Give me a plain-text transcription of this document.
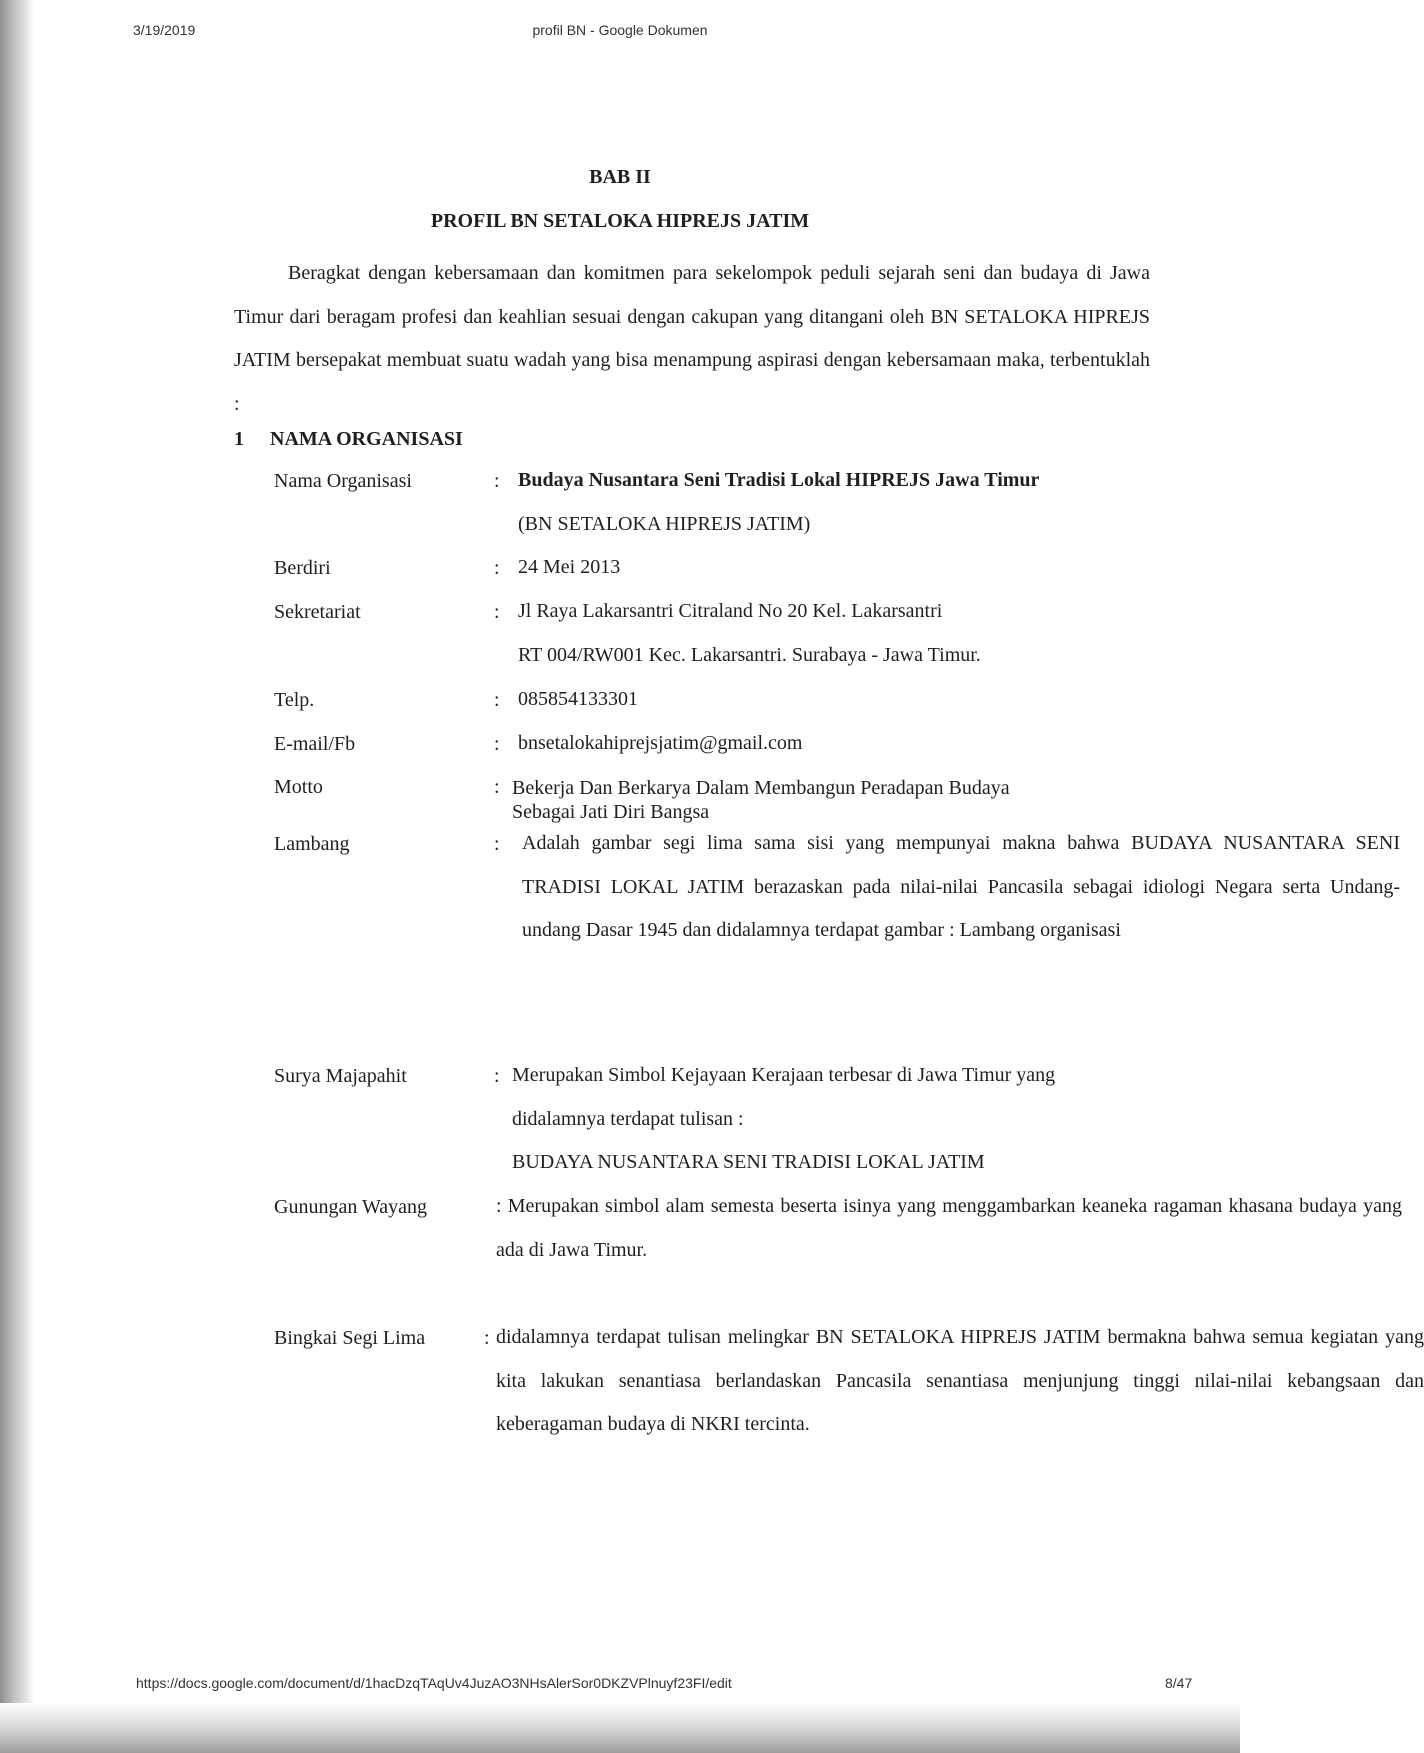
3/19/2019	profil BN - Google Dokumen
BAB II
PROFIL BN SETALOKA HIPREJS JATIM
Beragkat dengan kebersamaan dan komitmen para sekelompok peduli sejarah seni dan budaya di Jawa Timur dari beragam profesi dan keahlian sesuai dengan cakupan yang ditangani oleh BN SETALOKA HIPREJS JATIM bersepakat membuat suatu wadah yang bisa menampung aspirasi dengan kebersamaan maka, terbentuklah :
1 NAMA ORGANISASI
Nama Organisasi	: Budaya Nusantara Seni Tradisi Lokal HIPREJS Jawa Timur
(BN SETALOKA HIPREJS JATIM)
Berdiri	: 24 Mei 2013
Sekretariat	: Jl Raya Lakarsantri Citraland No 20 Kel. Lakarsantri
RT 004/RW001 Kec. Lakarsantri. Surabaya - Jawa Timur.
Telp.	: 085854133301
E-mail/Fb	: bnsetalokahiprejsjatim@gmail.com
Motto	: Bekerja Dan Berkarya Dalam Membangun Peradapan Budaya
Sebagai Jati Diri Bangsa
Lambang	:	Adalah gambar segi lima sama sisi yang mempunyai makna bahwa BUDAYA NUSANTARA SENI TRADISI LOKAL JATIM berazaskan pada nilai-nilai Pancasila sebagai idiologi Negara serta Undang-undang Dasar 1945 dan didalamnya terdapat gambar : Lambang organisasi
Surya Majapahit	: Merupakan Simbol Kejayaan Kerajaan terbesar di Jawa Timur yang didalamnya terdapat tulisan :
BUDAYA NUSANTARA SENI TRADISI LOKAL JATIM
Gunungan Wayang	: Merupakan simbol alam semesta beserta isinya yang menggambarkan keaneka ragaman khasana budaya yang ada di Jawa Timur.
Bingkai Segi Lima	: didalamnya terdapat tulisan melingkar BN SETALOKA HIPREJS JATIM bermakna bahwa semua kegiatan yang kita lakukan senantiasa berlandaskan Pancasila senantiasa menjunjung tinggi nilai-nilai kebangsaan dan keberagaman budaya di NKRI tercinta.
https://docs.google.com/document/d/1hacDzqTAqUv4JuzAO3NHsAlerSor0DKZVPlnuyf23FI/edit	8/47
